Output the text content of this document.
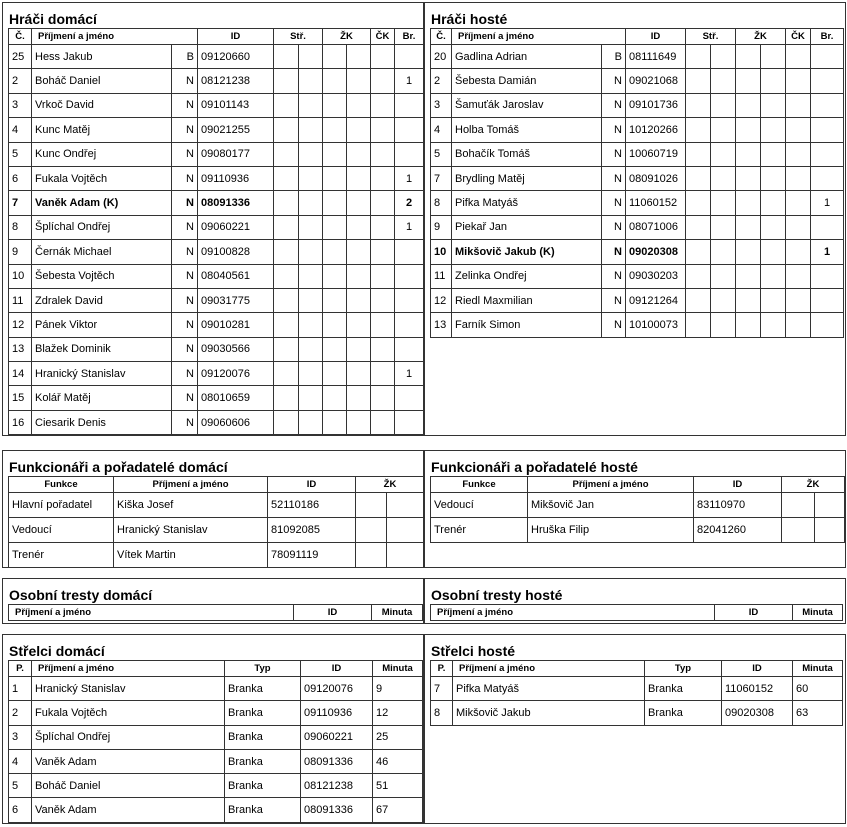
Hráči domácí
Č.	Příjmení a jméno		ID	Stř.		ŽK		ČK	Br.
25	Hess Jakub	B	09120660						
2	Boháč Daniel	N	08121238						1
3	Vrkoč David	N	09101143						
4	Kunc Matěj	N	09021255						
5	Kunc Ondřej	N	09080177						
6	Fukala Vojtěch	N	09110936						1
7	Vaněk Adam (K)	N	08091336						2
8	Šplíchal Ondřej	N	09060221						1
9	Černák Michael	N	09100828						
10	Šebesta Vojtěch	N	08040561						
11	Zdralek David	N	09031775						
12	Pánek Viktor	N	09010281						
13	Blažek Dominik	N	09030566						
14	Hranický Stanislav	N	09120076						1
15	Kolář Matěj	N	08010659						
16	Ciesarik Denis	N	09060606						
Hráči hosté
Č.	Příjmení a jméno		ID	Stř.		ŽK		ČK	Br.
20	Gadlina Adrian	B	08111649						
2	Šebesta Damián	N	09021068						
3	Šamuťák Jaroslav	N	09101736						
4	Holba Tomáš	N	10120266						
5	Bohačík Tomáš	N	10060719						
7	Brydling Matěj	N	08091026						
8	Pifka Matyáš	N	11060152						1
9	Piekař Jan	N	08071006						
10	Mikšovič Jakub (K)	N	09020308						1
11	Zelinka Ondřej	N	09030203						
12	Riedl Maxmilian	N	09121264						
13	Farník Simon	N	10100073						
Funkcionáři a pořadatelé domácí
Funkce	Příjmení a jméno	ID	ŽK	
Hlavní pořadatel	Kiška Josef	52110186		
Vedoucí	Hranický Stanislav	81092085		
Trenér	Vítek Martin	78091119		
Funkcionáři a pořadatelé hosté
Funkce	Příjmení a jméno	ID	ŽK	
Vedoucí	Mikšovič Jan	83110970		
Trenér	Hruška Filip	82041260		
Osobní tresty domácí
Příjmení a jméno	ID	Minuta
Osobní tresty hosté
Příjmení a jméno	ID	Minuta
Střelci domácí
P.	Příjmení a jméno	Typ	ID	Minuta
1	Hranický Stanislav	Branka	09120076	9
2	Fukala Vojtěch	Branka	09110936	12
3	Šplíchal Ondřej	Branka	09060221	25
4	Vaněk Adam	Branka	08091336	46
5	Boháč Daniel	Branka	08121238	51
6	Vaněk Adam	Branka	08091336	67
Střelci hosté
P.	Příjmení a jméno	Typ	ID	Minuta
7	Pifka Matyáš	Branka	11060152	60
8	Mikšovič Jakub	Branka	09020308	63
